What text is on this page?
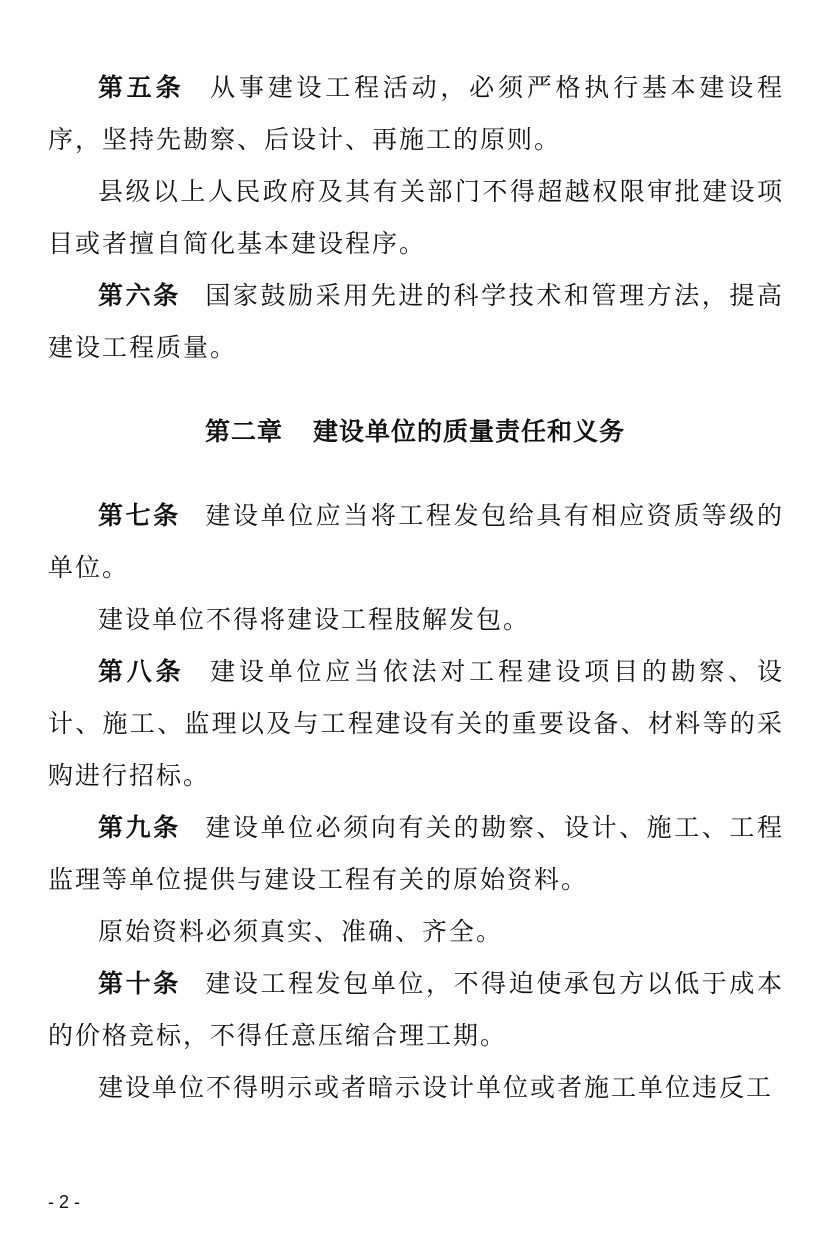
第五条 从事建设工程活动，必须严格执行基本建设程序，坚持先勘察、后设计、再施工的原则。

县级以上人民政府及其有关部门不得超越权限审批建设项目或者擅自简化基本建设程序。

第六条 国家鼓励采用先进的科学技术和管理方法，提高建设工程质量。

第二章 建设单位的质量责任和义务

第七条 建设单位应当将工程发包给具有相应资质等级的单位。

建设单位不得将建设工程肢解发包。

第八条 建设单位应当依法对工程建设项目的勘察、设计、施工、监理以及与工程建设有关的重要设备、材料等的采购进行招标。

第九条 建设单位必须向有关的勘察、设计、施工、工程监理等单位提供与建设工程有关的原始资料。

原始资料必须真实、准确、齐全。

第十条 建设工程发包单位，不得迫使承包方以低于成本的价格竞标，不得任意压缩合理工期。

建设单位不得明示或者暗示设计单位或者施工单位违反工

- 2 -
